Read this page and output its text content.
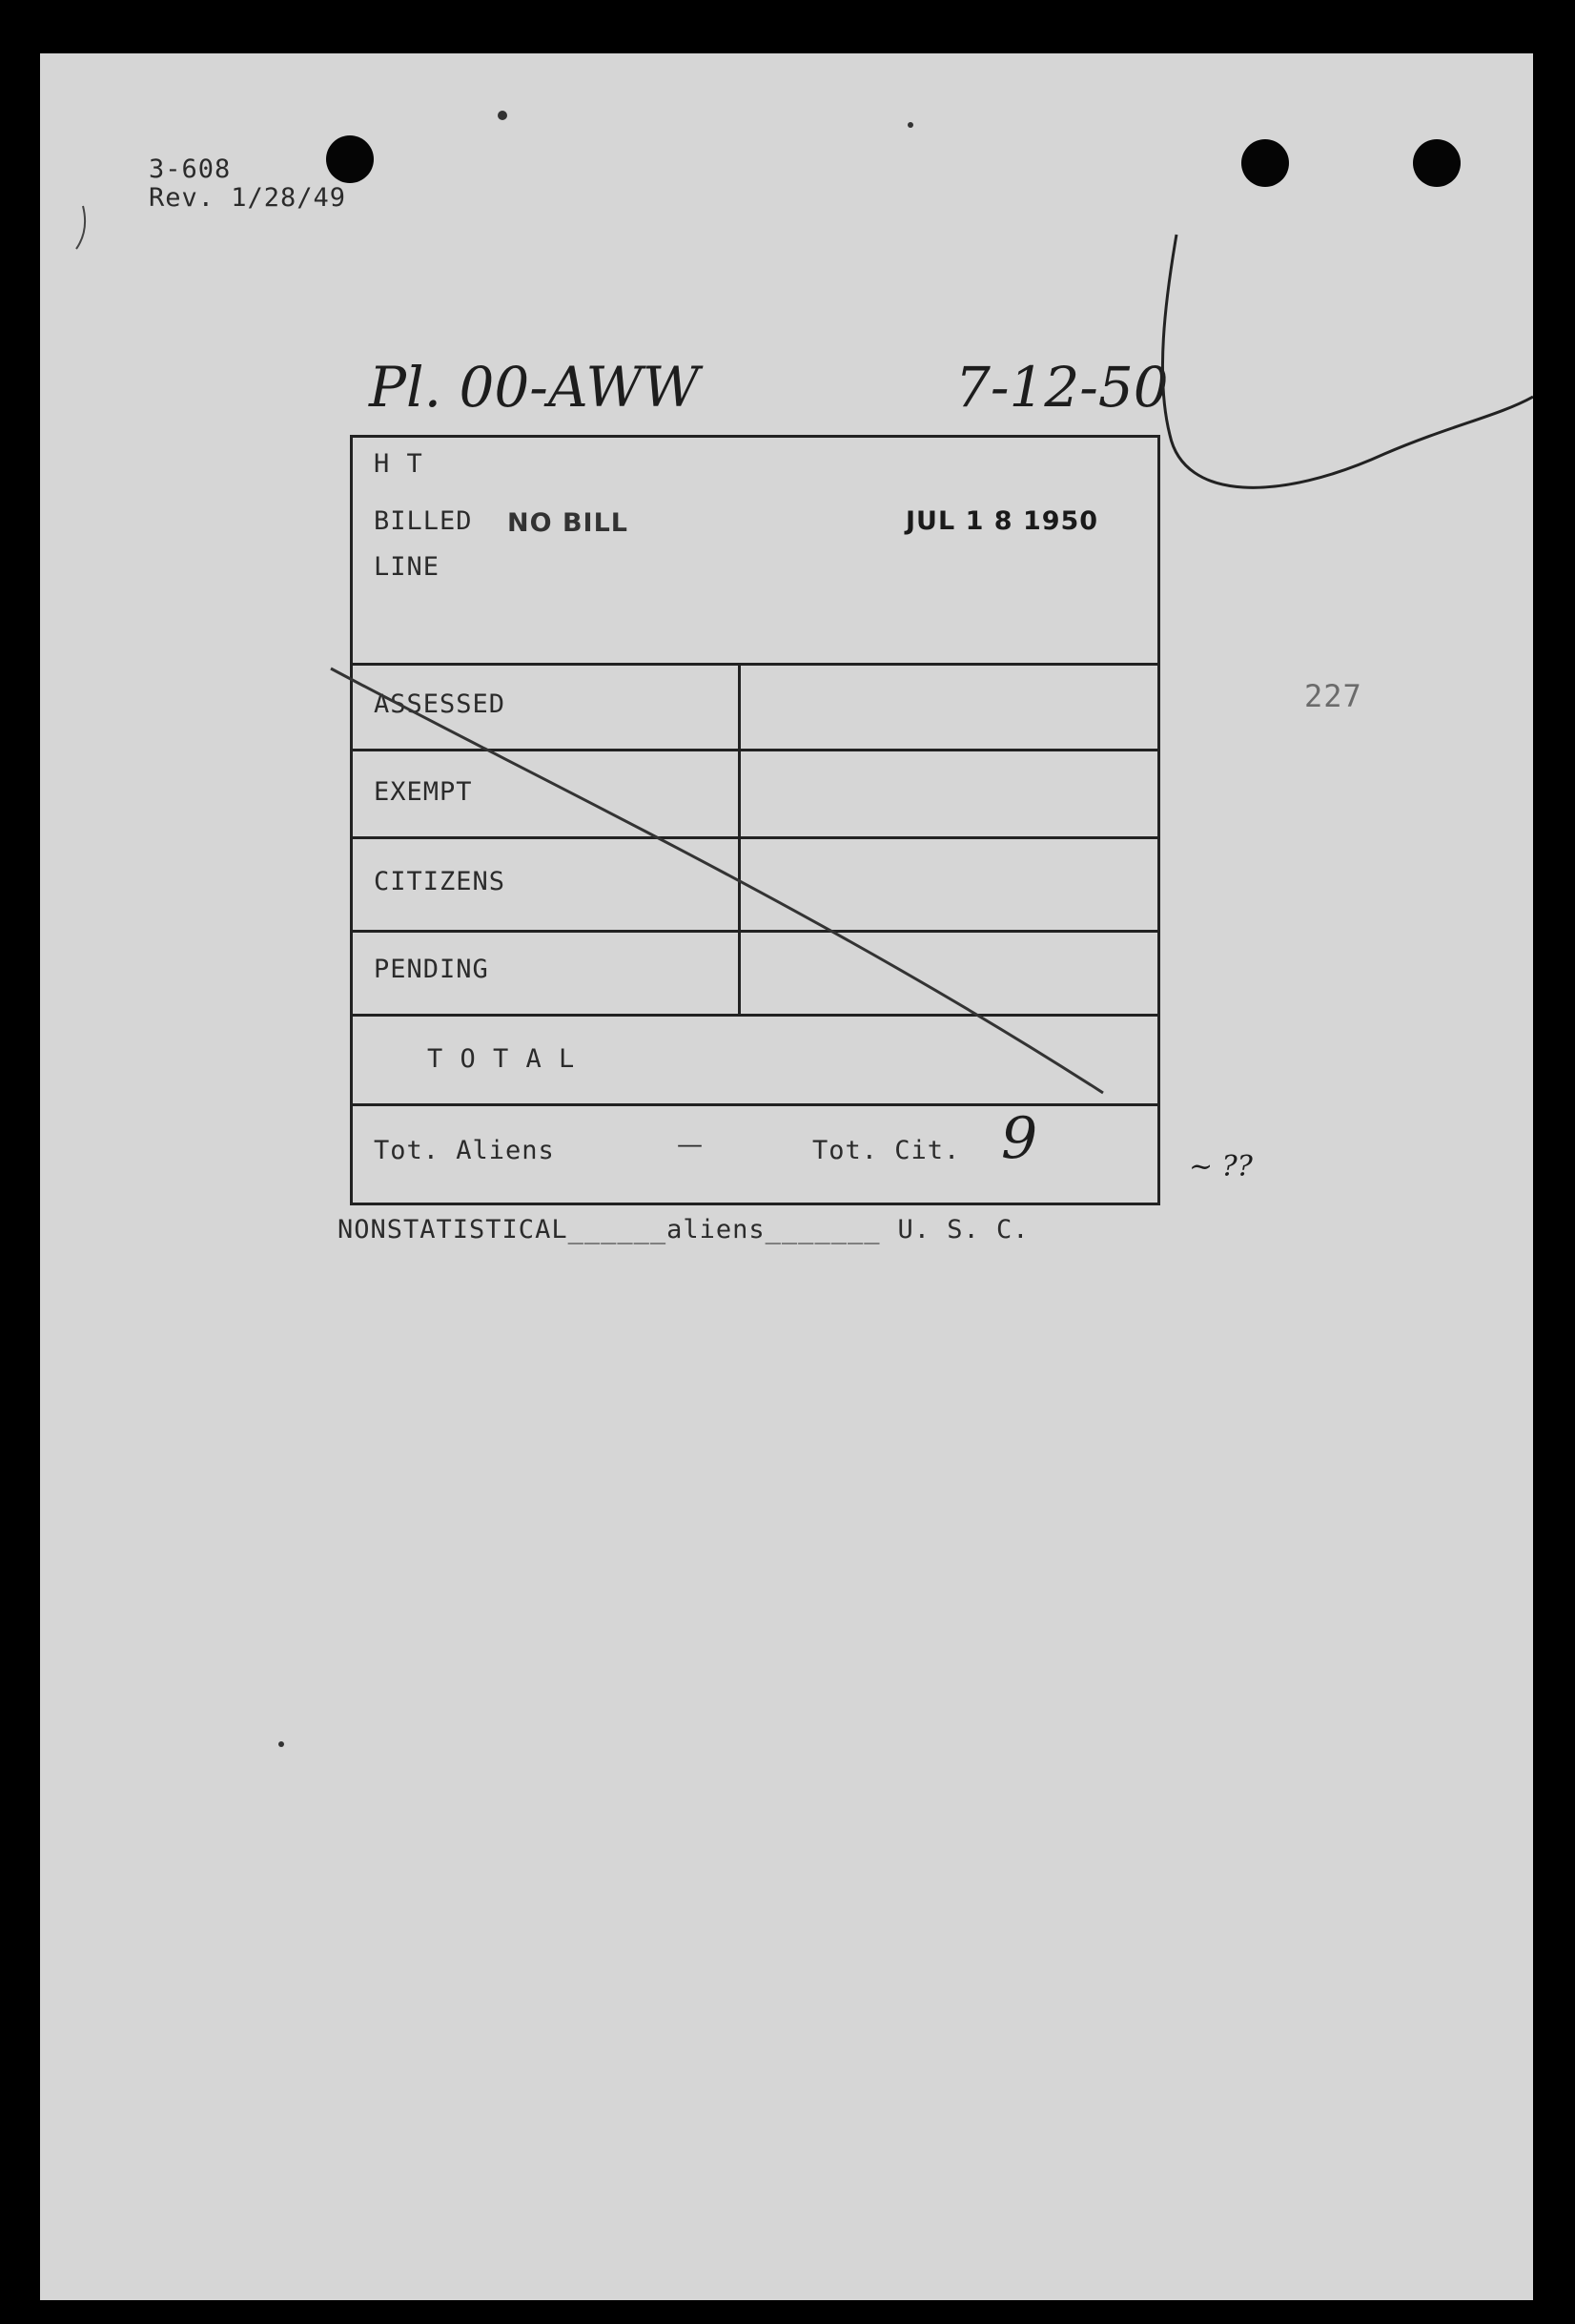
3-608
Rev. 1/28/49
Pl. 00-AWW	7-12-50
227
H T
BILLED NO BILL	JUL 1 8 1950
LINE
ASSESSED
EXEMPT
CITIZENS
PENDING
T O T A L
Tot. Aliens	—	Tot. Cit. 9
NONSTATISTICAL______aliens_______ U. S. C.
~ ??
